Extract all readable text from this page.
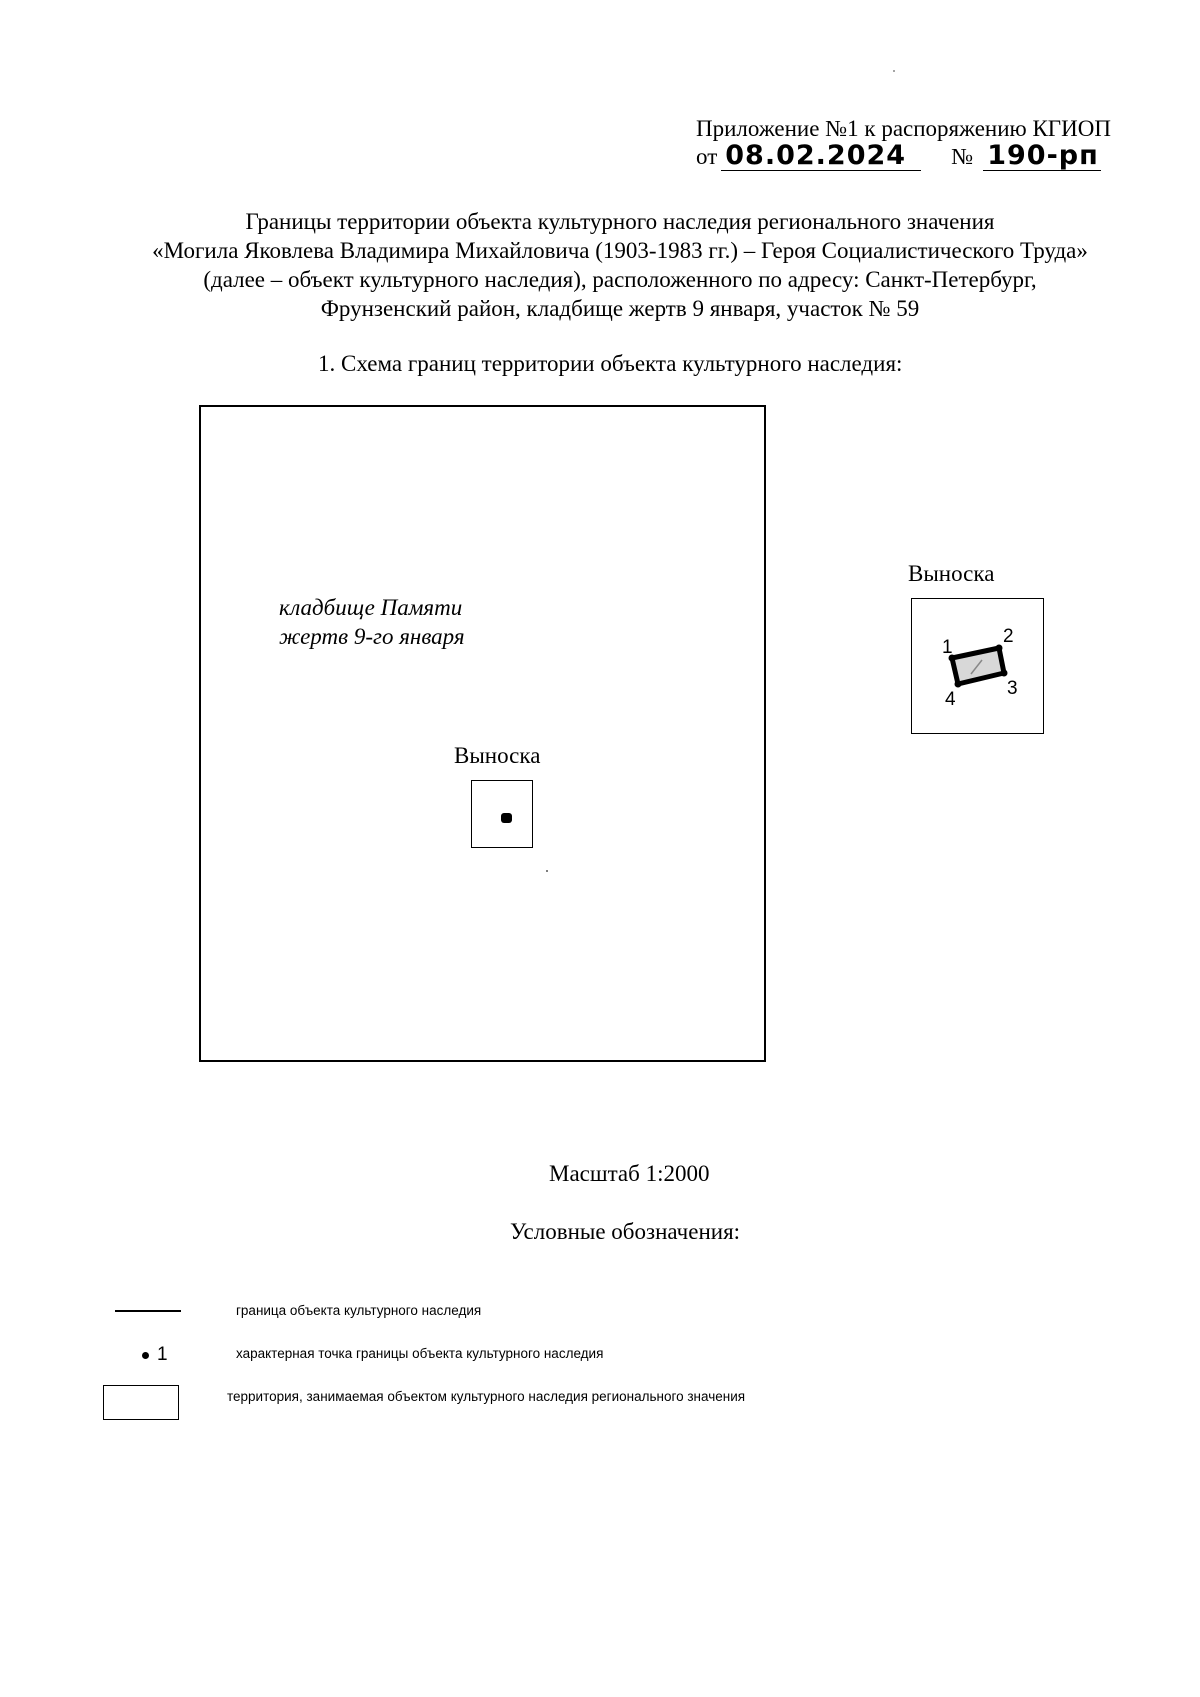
Приложение №1 к распоряжению КГИОП
от 08.02.2024 № 190-рп
Границы территории объекта культурного наследия регионального значения
«Могила Яковлева Владимира Михайловича (1903-1983 гг.) – Героя Социалистического Труда»
(далее – объект культурного наследия), расположенного по адресу: Санкт-Петербург,
Фрунзенский район, кладбище жертв 9 января, участок № 59
1. Схема границ территории объекта культурного наследия:
кладбище Памяти
жертв 9-го января
Выноска
Выноска
1
2
3
4
Масштаб 1:2000
Условные обозначения:
граница объекта культурного наследия
1	характерная точка границы объекта культурного наследия
территория, занимаемая объектом культурного наследия регионального значения
